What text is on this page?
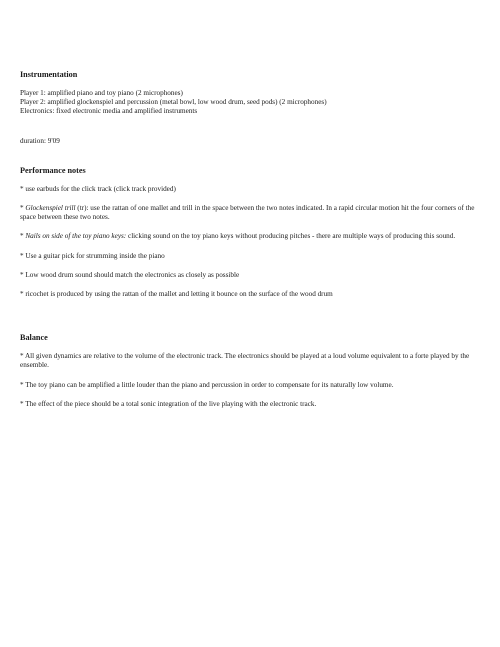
Instrumentation

Player 1: amplified piano and toy piano (2 microphones)

Player 2: amplified glockenspiel and percussion (metal bowl, low wood drum, seed pods) (2 microphones)

Electronics: fixed electronic media and amplified instruments

duration: 9'09

Performance notes

* use earbuds for the click track (click track provided)

* Glockenspiel trill (tr): use the rattan of one mallet and trill in the space between the two notes indicated. In a rapid circular motion hit the four corners of the space between these two notes.

* Nails on side of the toy piano keys: clicking sound on the toy piano keys without producing pitches - there are multiple ways of producing this sound.

* Use a guitar pick for strumming inside the piano

* Low wood drum sound should match the electronics as closely as possible

* ricochet is produced by using the rattan of the mallet and letting it bounce on the surface of the wood drum

Balance

* All given dynamics are relative to the volume of the electronic track. The electronics should be played at a loud volume equivalent to a forte played by the ensemble.

* The toy piano can be amplified a little louder than the piano and percussion in order to compensate for its naturally low volume.

* The effect of the piece should be a total sonic integration of the live playing with the electronic track.
